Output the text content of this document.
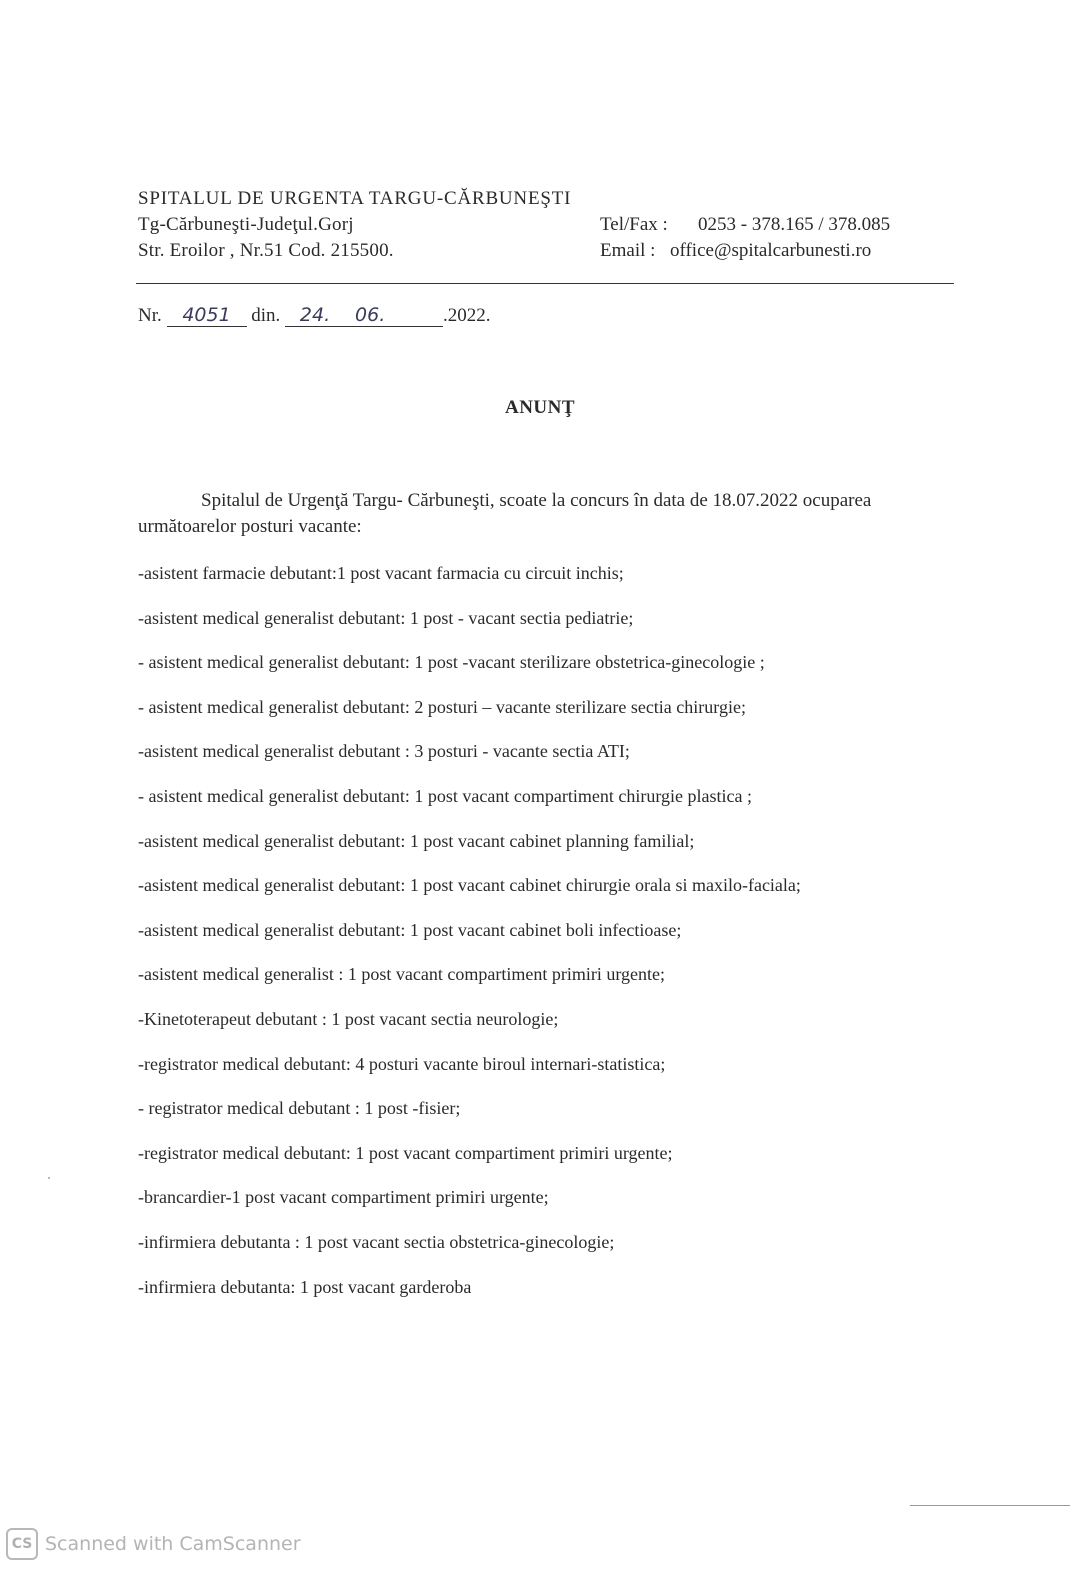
SPITALUL DE URGENTA TARGU-CĂRBUNEŞTI
Tg-Cărbuneşti-Judeţul.Gorj
Str. Eroilor , Nr.51 Cod. 215500.
Tel/Fax : 0253 - 378.165 / 378.085
Email : office@spitalcarbunesti.ro
Nr. 4051 din. 24. 06.	.2022.
ANUNŢ
Spitalul de Urgenţă Targu- Cărbuneşti, scoate la concurs în data de 18.07.2022 ocuparea
următoarelor posturi vacante:
-asistent farmacie debutant:1 post vacant farmacia cu circuit inchis;
-asistent medical generalist debutant: 1 post - vacant sectia pediatrie;
- asistent medical generalist debutant: 1 post -vacant sterilizare obstetrica-ginecologie ;
- asistent medical generalist debutant: 2 posturi – vacante sterilizare sectia chirurgie;
-asistent medical generalist debutant : 3 posturi - vacante sectia ATI;
- asistent medical generalist debutant: 1 post vacant compartiment chirurgie plastica ;
-asistent medical generalist debutant: 1 post vacant cabinet planning familial;
-asistent medical generalist debutant: 1 post vacant cabinet chirurgie orala si maxilo-faciala;
-asistent medical generalist debutant: 1 post vacant cabinet boli infectioase;
-asistent medical generalist : 1 post vacant compartiment primiri urgente;
-Kinetoterapeut debutant : 1 post vacant sectia neurologie;
-registrator medical debutant: 4 posturi vacante biroul internari-statistica;
- registrator medical debutant : 1 post -fisier;
-registrator medical debutant: 1 post vacant compartiment primiri urgente;
-brancardier-1 post vacant compartiment primiri urgente;
-infirmiera debutanta : 1 post vacant sectia obstetrica-ginecologie;
-infirmiera debutanta: 1 post vacant garderoba
CS Scanned with CamScanner
